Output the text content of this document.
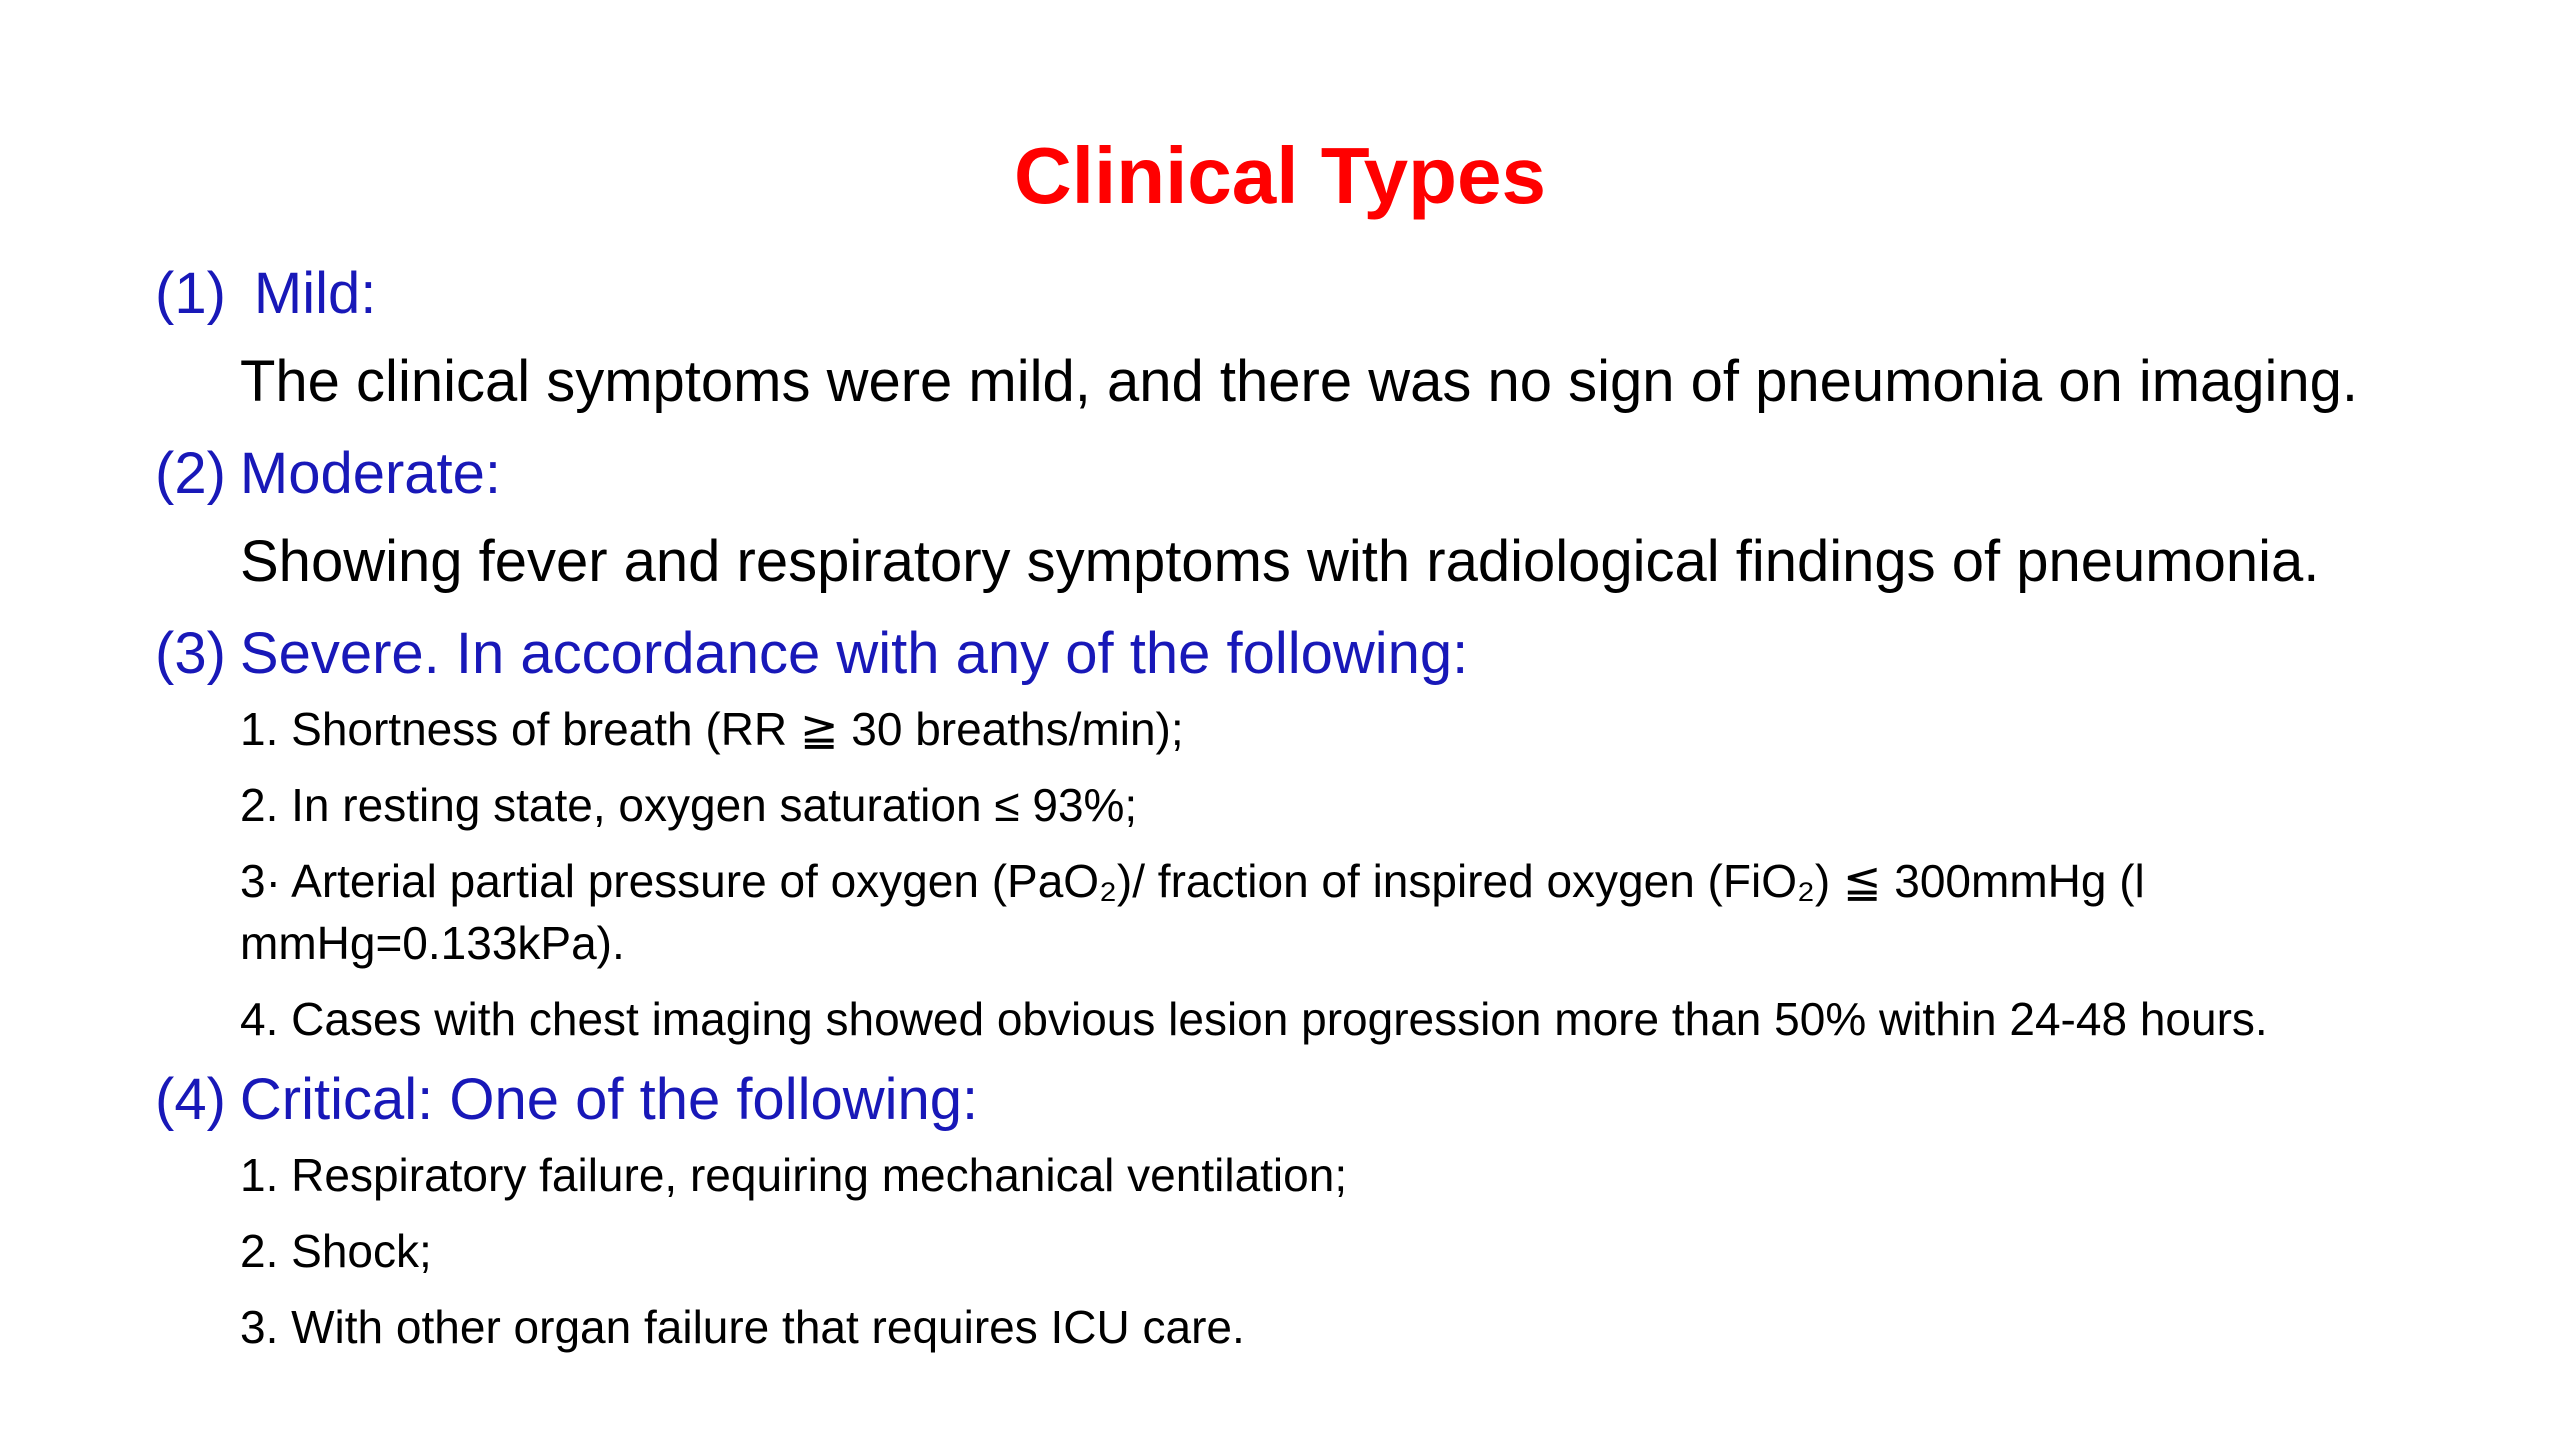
Clinical Types
(1) Mild:
The clinical symptoms were mild, and there was no sign of pneumonia on imaging.
(2) Moderate:
Showing fever and respiratory symptoms with radiological findings of pneumonia.
(3) Severe. In accordance with any of the following:
1. Shortness of breath (RR ≧ 30 breaths/min);
2. In resting state, oxygen saturation ≤ 93%;
3· Arterial partial pressure of oxygen (PaO₂)/ fraction of inspired oxygen (FiO₂) ≦ 300mmHg (l mmHg=0.133kPa).
4. Cases with chest imaging showed obvious lesion progression more than 50% within 24-48 hours.
(4) Critical: One of the following:
1. Respiratory failure, requiring mechanical ventilation;
2. Shock;
3. With other organ failure that requires ICU care.
